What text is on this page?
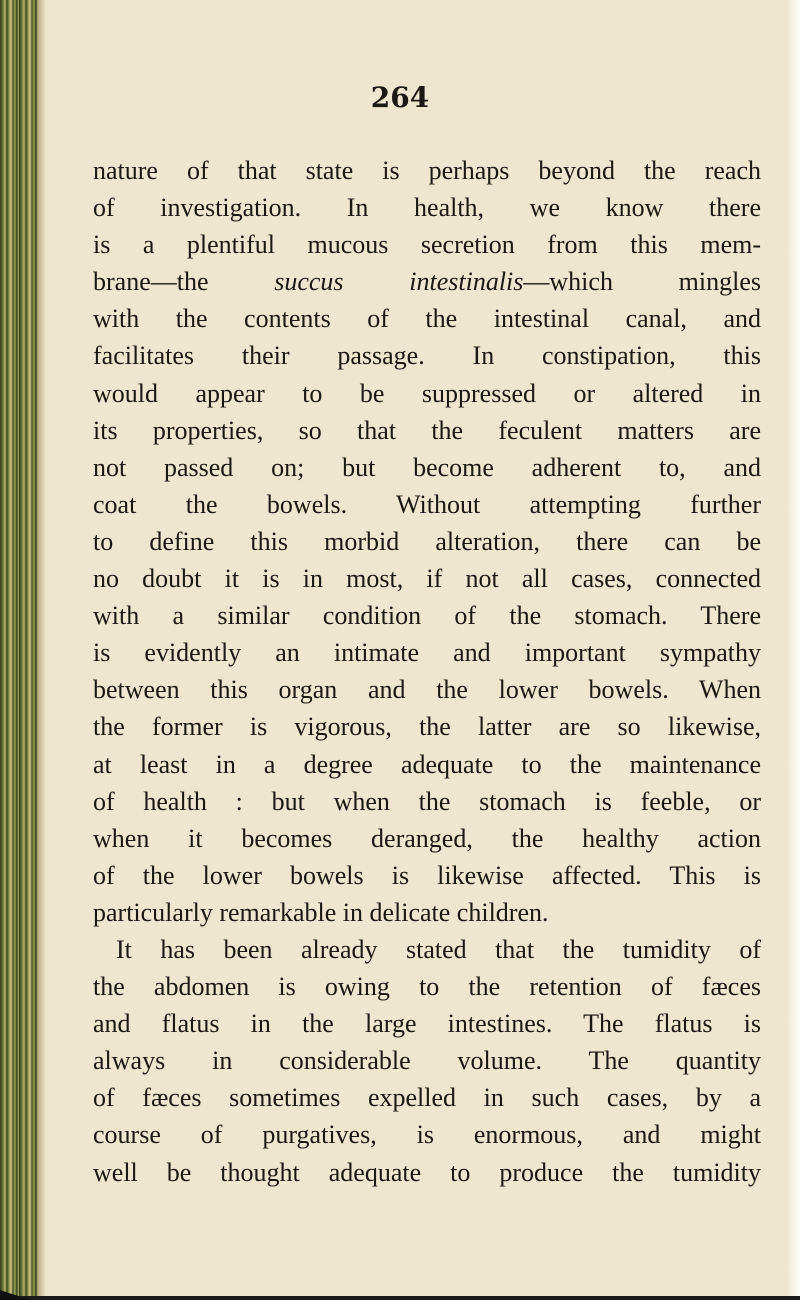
264
nature of that state is perhaps beyond the reach
of investigation. In health, we know there
is a plentiful mucous secretion from this mem-
brane—the succus intestinalis—which mingles
with the contents of the intestinal canal, and
facilitates their passage. In constipation, this
would appear to be suppressed or altered in
its properties, so that the feculent matters are
not passed on; but become adherent to, and
coat the bowels. Without attempting further
to define this morbid alteration, there can be
no doubt it is in most, if not all cases, connected
with a similar condition of the stomach. There
is evidently an intimate and important sympathy
between this organ and the lower bowels. When
the former is vigorous, the latter are so likewise,
at least in a degree adequate to the maintenance
of health : but when the stomach is feeble, or
when it becomes deranged, the healthy action
of the lower bowels is likewise affected. This is
particularly remarkable in delicate children.
It has been already stated that the tumidity of
the abdomen is owing to the retention of fæces
and flatus in the large intestines. The flatus is
always in considerable volume. The quantity
of fæces sometimes expelled in such cases, by a
course of purgatives, is enormous, and might
well be thought adequate to produce the tumidity
